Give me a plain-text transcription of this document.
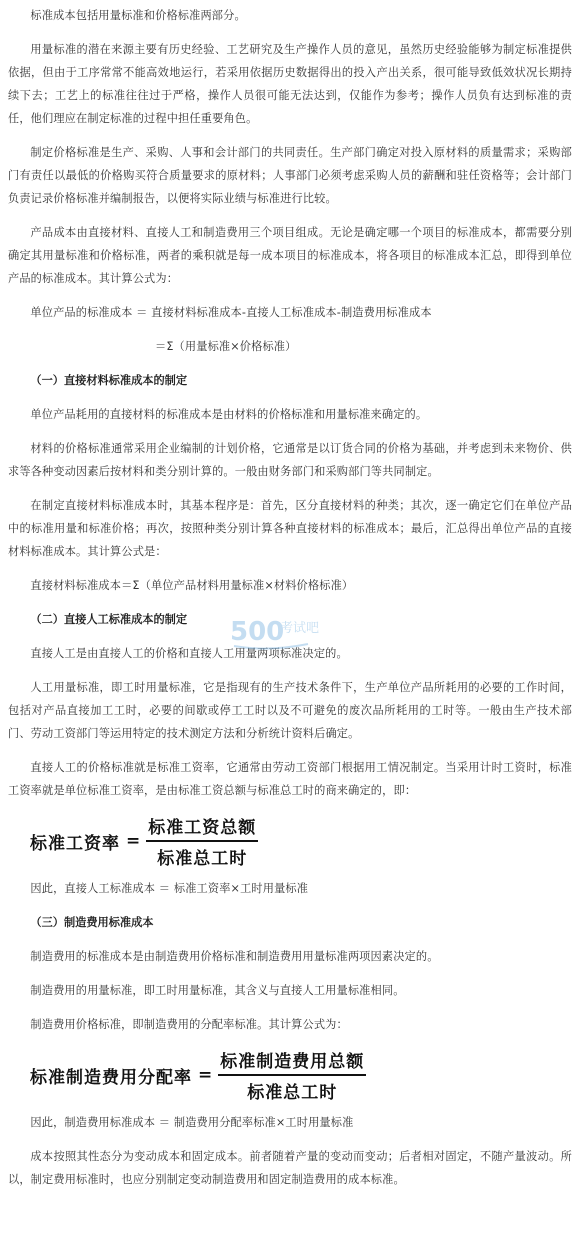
标准成本包括用量标准和价格标准两部分。

用量标准的潜在来源主要有历史经验、工艺研究及生产操作人员的意见，虽然历史经验能够为制定标准提供依据，但由于工序常常不能高效地运行，若采用依据历史数据得出的投入产出关系，很可能导致低效状况长期持续下去；工艺上的标准往往过于严格，操作人员很可能无法达到，仅能作为参考；操作人员负有达到标准的责任，他们理应在制定标准的过程中担任重要角色。

制定价格标准是生产、采购、人事和会计部门的共同责任。生产部门确定对投入原材料的质量需求；采购部门有责任以最低的价格购买符合质量要求的原材料；人事部门必须考虑采购人员的薪酬和驻任资格等；会计部门负责记录价格标准并编制报告，以便将实际业绩与标准进行比较。

产品成本由直接材料、直接人工和制造费用三个项目组成。无论是确定哪一个项目的标准成本，都需要分别确定其用量标准和价格标准，两者的乘积就是每一成本项目的标准成本，将各项目的标准成本汇总，即得到单位产品的标准成本。其计算公式为：

单位产品的标准成本 ＝ 直接材料标准成本-直接人工标准成本-制造费用标准成本

＝Σ（用量标准×价格标准）

（一）直接材料标准成本的制定

单位产品耗用的直接材料的标准成本是由材料的价格标准和用量标准来确定的。

材料的价格标准通常采用企业编制的计划价格，它通常是以订货合同的价格为基础，并考虑到未来物价、供求等各种变动因素后按材料和类分别计算的。一般由财务部门和采购部门等共同制定。

在制定直接材料标准成本时，其基本程序是：首先，区分直接材料的种类；其次，逐一确定它们在单位产品中的标准用量和标准价格；再次，按照种类分别计算各种直接材料的标准成本；最后，汇总得出单位产品的直接材料标准成本。其计算公式是：

直接材料标准成本＝Σ（单位产品材料用量标准×材料价格标准）

（二）直接人工标准成本的制定

直接人工是由直接人工的价格和直接人工用量两项标准决定的。

人工用量标准，即工时用量标准，它是指现有的生产技术条件下，生产单位产品所耗用的必要的工作时间，包括对产品直接加工工时，必要的间歇或停工工时以及不可避免的废次品所耗用的工时等。一般由生产技术部门、劳动工资部门等运用特定的技术测定方法和分析统计资料后确定。

直接人工的价格标准就是标准工资率，它通常由劳动工资部门根据用工情况制定。当采用计时工资时，标准工资率就是单位标准工资率，是由标准工资总额与标准总工时的商来确定的，即：

标准工资率 = $\frac{\text{标准工资总额}}{\text{标准总工时}}$

因此，直接人工标准成本 ＝ 标准工资率×工时用量标准

（三）制造费用标准成本

制造费用的标准成本是由制造费用价格标准和制造费用用量标准两项因素决定的。

制造费用的用量标准，即工时用量标准，其含义与直接人工用量标准相同。

制造费用价格标准，即制造费用的分配率标准。其计算公式为：

标准制造费用分配率 = $\frac{\text{标准制造费用总额}}{\text{标准总工时}}$

因此，制造费用标准成本 ＝ 制造费用分配率标准×工时用量标准

成本按照其性态分为变动成本和固定成本。前者随着产量的变动而变动；后者相对固定，不随产量波动。所以，制定费用标准时，也应分别制定变动制造费用和固定制造费用的成本标准。

500
考试吧
